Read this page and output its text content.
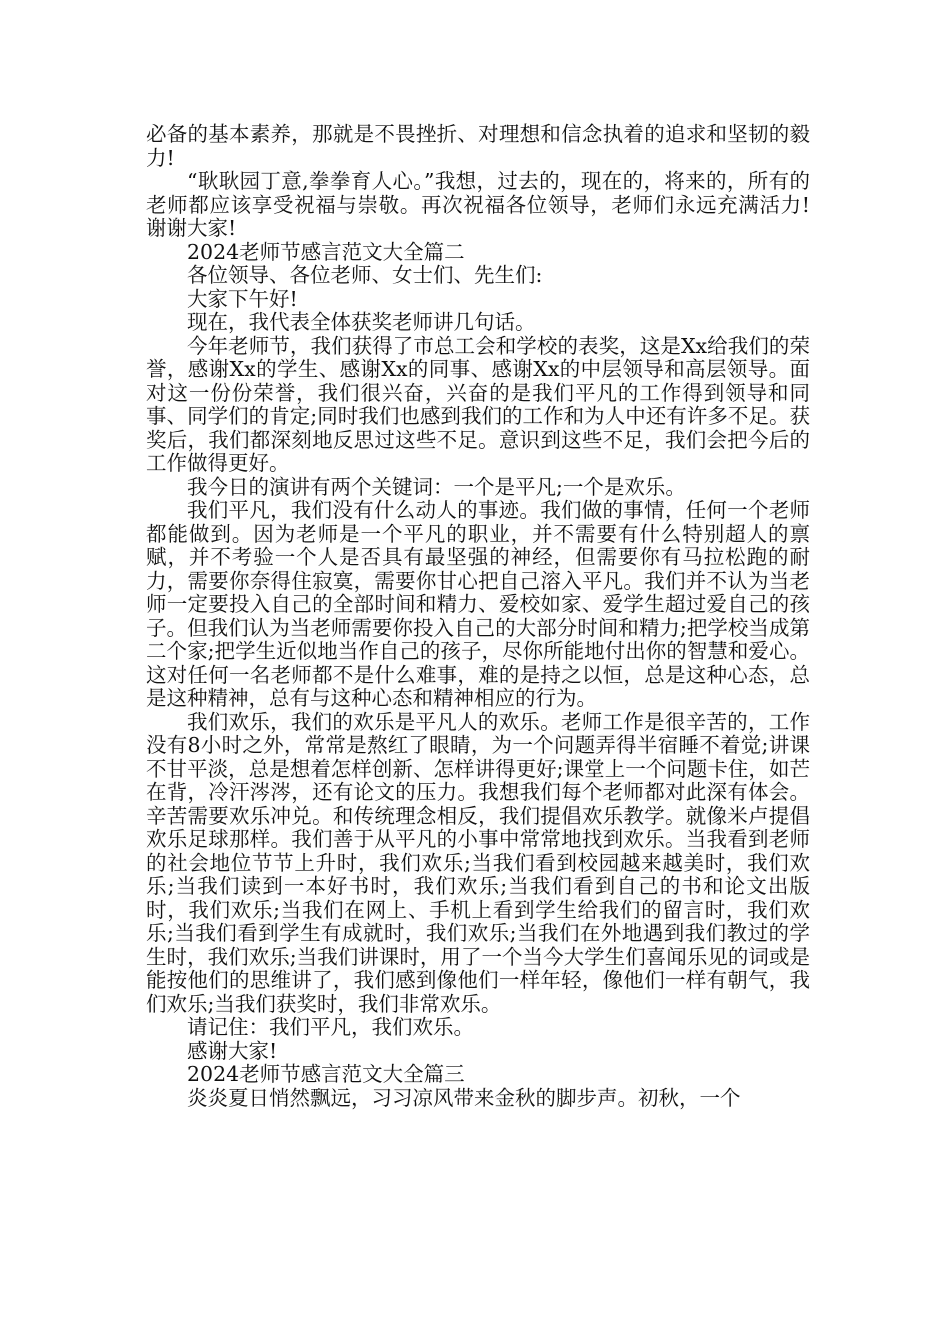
必备的基本素养，那就是不畏挫折、对理想和信念执着的追求和坚韧的毅力!

“耿耿园丁意,拳拳育人心。”我想，过去的，现在的，将来的，所有的老师都应该享受祝福与崇敬。再次祝福各位领导，老师们永远充满活力!谢谢大家!

2024老师节感言范文大全篇二

各位领导、各位老师、女士们、先生们:

大家下午好!

现在，我代表全体获奖老师讲几句话。

今年老师节，我们获得了市总工会和学校的表奖，这是Xx给我们的荣誉，感谢Xx的学生、感谢Xx的同事、感谢Xx的中层领导和高层领导。面对这一份份荣誉，我们很兴奋，兴奋的是我们平凡的工作得到领导和同事、同学们的肯定;同时我们也感到我们的工作和为人中还有许多不足。获奖后，我们都深刻地反思过这些不足。意识到这些不足，我们会把今后的工作做得更好。

我今日的演讲有两个关键词：一个是平凡;一个是欢乐。

我们平凡，我们没有什么动人的事迹。我们做的事情，任何一个老师都能做到。因为老师是一个平凡的职业，并不需要有什么特别超人的禀赋，并不考验一个人是否具有最坚强的神经，但需要你有马拉松跑的耐力，需要你奈得住寂寞，需要你甘心把自己溶入平凡。我们并不认为当老师一定要投入自己的全部时间和精力、爱校如家、爱学生超过爱自己的孩子。但我们认为当老师需要你投入自己的大部分时间和精力;把学校当成第二个家;把学生近似地当作自己的孩子，尽你所能地付出你的智慧和爱心。这对任何一名老师都不是什么难事，难的是持之以恒，总是这种心态，总是这种精神，总有与这种心态和精神相应的行为。

我们欢乐，我们的欢乐是平凡人的欢乐。老师工作是很辛苦的，工作没有8小时之外，常常是熬红了眼睛，为一个问题弄得半宿睡不着觉;讲课不甘平淡，总是想着怎样创新、怎样讲得更好;课堂上一个问题卡住，如芒在背，冷汗涔涔，还有论文的压力。我想我们每个老师都对此深有体会。辛苦需要欢乐冲兑。和传统理念相反，我们提倡欢乐教学。就像米卢提倡欢乐足球那样。我们善于从平凡的小事中常常地找到欢乐。当我看到老师的社会地位节节上升时，我们欢乐;当我们看到校园越来越美时，我们欢乐;当我们读到一本好书时，我们欢乐;当我们看到自己的书和论文出版时，我们欢乐;当我们在网上、手机上看到学生给我们的留言时，我们欢乐;当我们看到学生有成就时，我们欢乐;当我们在外地遇到我们教过的学生时，我们欢乐;当我们讲课时，用了一个当今大学生们喜闻乐见的词或是能按他们的思维讲了，我们感到像他们一样年轻，像他们一样有朝气，我们欢乐;当我们获奖时，我们非常欢乐。

请记住：我们平凡，我们欢乐。

感谢大家!

2024老师节感言范文大全篇三

炎炎夏日悄然飘远，习习凉风带来金秋的脚步声。初秋，一个
